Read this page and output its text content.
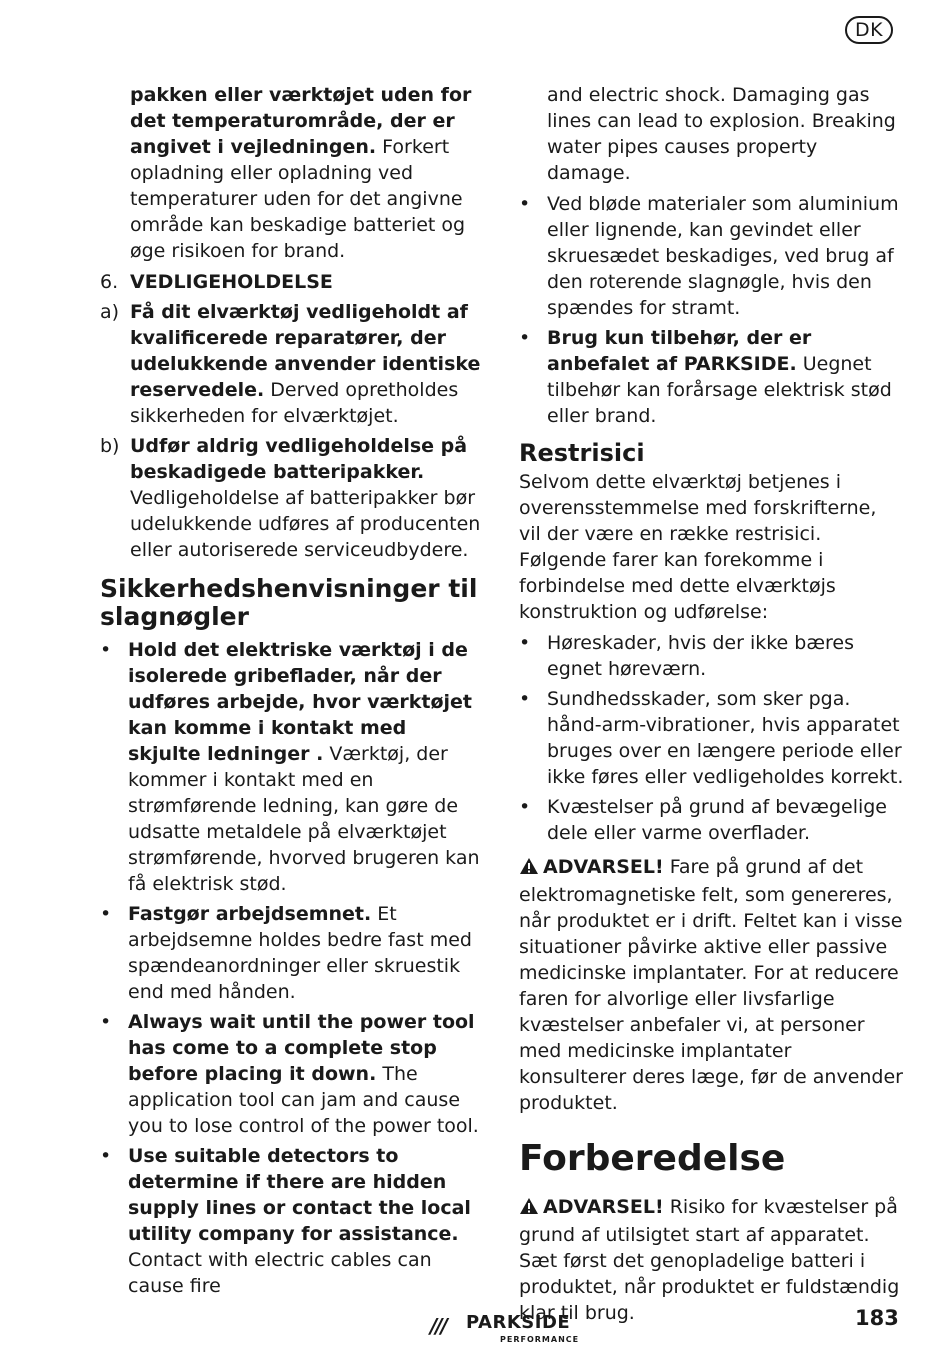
DK

pakken eller værktøjet uden for det temperaturområde, der er angivet i vejledningen. Forkert opladning eller opladning ved temperaturer uden for det angivne område kan beskadige batteriet og øge risikoen for brand.

6. VEDLIGEHOLDELSE
a) Få dit elværktøj vedligeholdt af kvalificerede reparatører, der udelukkende anvender identiske reservedele. Derved opretholdes sikkerheden for elværktøjet.
b) Udfør aldrig vedligeholdelse på beskadigede batteripakker. Vedligeholdelse af batteripakker bør udelukkende udføres af producenten eller autoriserede serviceudbydere.
Sikkerhedshenvisninger til slagnøgler
• Hold det elektriske værktøj i de isolerede gribeflader, når der udføres arbejde, hvor værktøjet kan komme i kontakt med skjulte ledninger . Værktøj, der kommer i kontakt med en strømførende ledning, kan gøre de udsatte metaldele på elværktøjet strømførende, hvorved brugeren kan få elektrisk stød.
• Fastgør arbejdsemnet. Et arbejdsemne holdes bedre fast med spændeanordninger eller skruestik end med hånden.
• Always wait until the power tool has come to a complete stop before placing it down. The application tool can jam and cause you to lose control of the power tool.
• Use suitable detectors to determine if there are hidden supply lines or contact the local utility company for assistance. Contact with electric cables can cause fire

and electric shock. Damaging gas lines can lead to explosion. Breaking water pipes causes property damage.

• Ved bløde materialer som aluminium eller lignende, kan gevindet eller skruesædet beskadiges, ved brug af den roterende slagnøgle, hvis den spændes for stramt.
• Brug kun tilbehør, der er anbefalet af PARKSIDE. Uegnet tilbehør kan forårsage elektrisk stød eller brand.
Restrisici

Selvom dette elværktøj betjenes i overensstemmelse med forskrifterne, vil der være en række restrisici. Følgende farer kan forekomme i forbindelse med dette elværktøjs konstruktion og udførelse:

• Høreskader, hvis der ikke bæres egnet høreværn.
• Sundhedsskader, som sker pga. hånd-arm-vibrationer, hvis apparatet bruges over en længere periode eller ikke føres eller vedligeholdes korrekt.
• Kvæstelser på grund af bevægelige dele eller varme overflader.

ADVARSEL! Fare på grund af det elektromagnetiske felt, som genereres, når produktet er i drift. Feltet kan i visse situationer påvirke aktive eller passive medicinske implantater. For at reducere faren for alvorlige eller livsfarlige kvæstelser anbefaler vi, at personer med medicinske implantater konsulterer deres læge, før de anvender produktet.

Forberedelse

ADVARSEL! Risiko for kvæstelser på grund af utilsigtet start af apparatet. Sæt først det genopladelige batteri i produktet, når produktet er fuldstændig klar til brug.

/// PARKSIDE
PERFORMANCE
183
